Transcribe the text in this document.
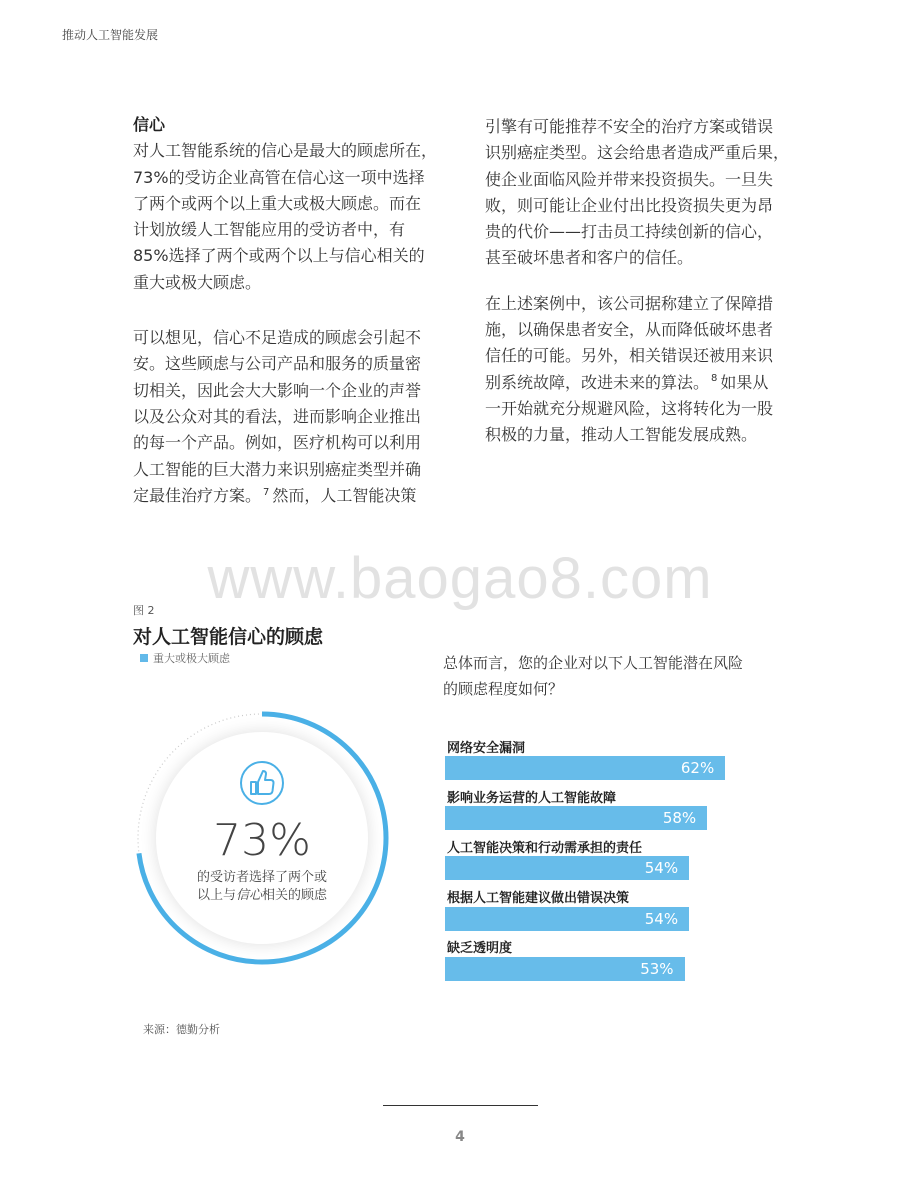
推动人工智能发展
信心

对人工智能系统的信心是最大的顾虑所在，
73%的受访企业高管在信心这一项中选择
了两个或两个以上重大或极大顾虑。而在
计划放缓人工智能应用的受访者中，有
85%选择了两个或两个以上与信心相关的
重大或极大顾虑。

可以想见，信心不足造成的顾虑会引起不
安。这些顾虑与公司产品和服务的质量密
切相关，因此会大大影响一个企业的声誉
以及公众对其的看法，进而影响企业推出
的每一个产品。例如，医疗机构可以利用
人工智能的巨大潜力来识别癌症类型并确
定最佳治疗方案。 $^7$ 然而，人工智能决策

引擎有可能推荐不安全的治疗方案或错误
识别癌症类型。这会给患者造成严重后果，
使企业面临风险并带来投资损失。一旦失
败，则可能让企业付出比投资损失更为昂
贵的代价——打击员工持续创新的信心，
甚至破坏患者和客户的信任。

在上述案例中，该公司据称建立了保障措
施，以确保患者安全，从而降低破坏患者
信任的可能。另外，相关错误还被用来识
别系统故障，改进未来的算法。 $^8$ 如果从
一开始就充分规避风险，这将转化为一股
积极的力量，推动人工智能发展成熟。

www.baogao8.com
图 2
对人工智能信心的顾虑
重大或极大顾虑
73%
的受访者选择了两个或
以上与信心相关的顾虑
总体而言，您的企业对以下人工智能潜在风险
的顾虑程度如何？
网络安全漏洞
62%
影响业务运营的人工智能故障
58%
人工智能决策和行动需承担的责任
54%
根据人工智能建议做出错误决策
54%
缺乏透明度
53%
来源：德勤分析
4
